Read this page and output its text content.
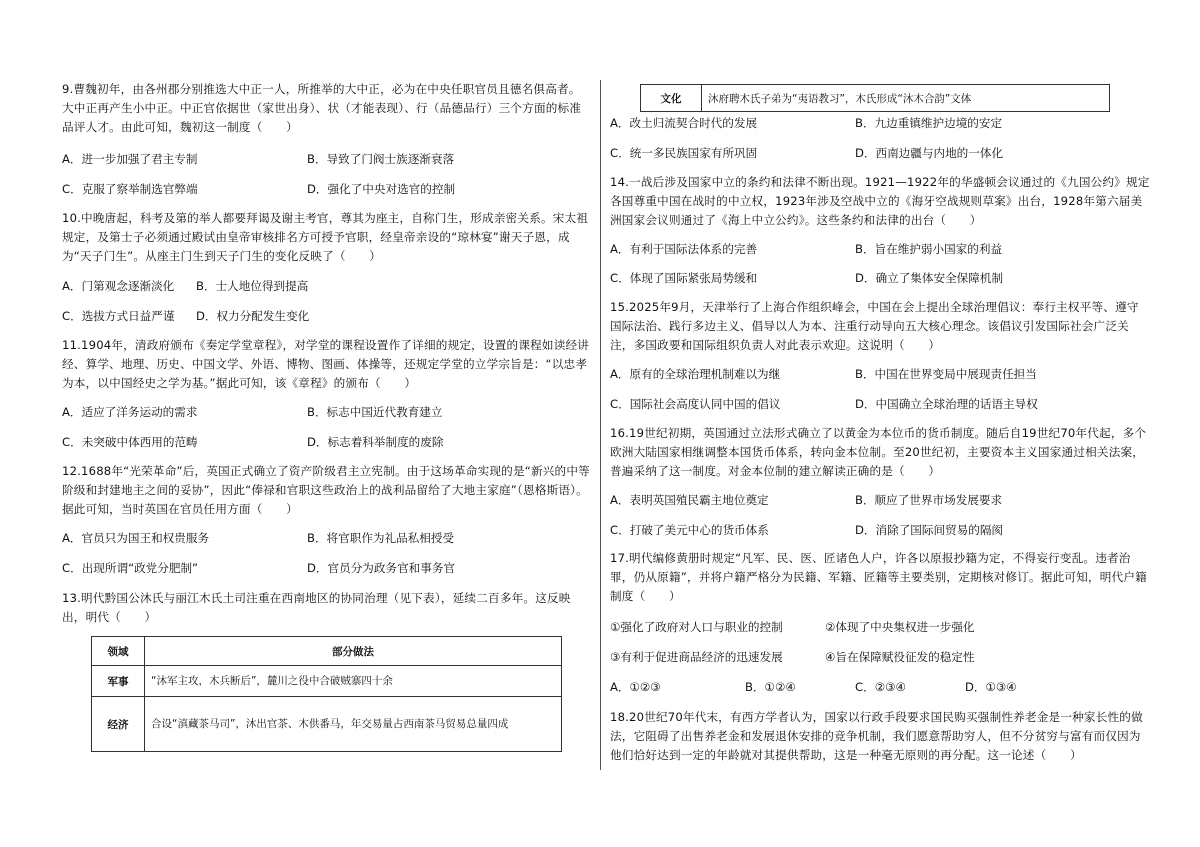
9.曹魏初年，由各州郡分别推选大中正一人，所推举的大中正，必为在中央任职官员且德名俱高者。大中正再产生小中正。中正官依据世（家世出身）、状（才能表现）、行（品德品行）三个方面的标准品评人才。由此可知，魏初这一制度（　　）
A．进一步加强了君主专制	B．导致了门阀士族逐渐衰落
C．克服了察举制选官弊端	D．强化了中央对选官的控制
10.中晚唐起，科考及第的举人都要拜谒及谢主考官，尊其为座主，自称门生，形成亲密关系。宋太祖规定，及第士子必须通过殿试由皇帝审核排名方可授予官职，经皇帝亲设的“琼林宴”谢天子恩，成为“天子门生”。从座主门生到天子门生的变化反映了（　　）
A．门第观念逐渐淡化 B．士人地位得到提高
C．选拔方式日益严谨 D．权力分配发生变化
11.1904年，清政府颁布《奏定学堂章程》，对学堂的课程设置作了详细的规定，设置的课程如读经讲经、算学、地理、历史、中国文学、外语、博物、图画、体操等，还规定学堂的立学宗旨是：“以忠孝为本，以中国经史之学为基。”据此可知，该《章程》的颁布（　　）
A．适应了洋务运动的需求	B．标志中国近代教育建立
C．未突破中体西用的范畴	D．标志着科举制度的废除
12.1688年“光荣革命”后，英国正式确立了资产阶级君主立宪制。由于这场革命实现的是“新兴的中等阶级和封建地主之间的妥协”，因此“俸禄和官职这些政治上的战利品留给了大地主家庭”（恩格斯语）。据此可知，当时英国在官员任用方面（　　）
A．官员只为国王和权贵服务	B．将官职作为礼品私相授受
C．出现所谓“政党分肥制”	D．官员分为政务官和事务官
13.明代黔国公沐氏与丽江木氏土司注重在西南地区的协同治理（见下表），延续二百多年。这反映出，明代（　　）
领域	部分做法
军事	“沐军主攻，木兵断后”，麓川之役中合破贼寨四十余
经济	合设“滇藏茶马司”，沐出官茶、木供番马，年交易量占西南茶马贸易总量四成
文化	沐府聘木氏子弟为“夷语教习”，木氏形成“沐木合韵”文体
A．改土归流契合时代的发展	B．九边重镇维护边境的安定
C．统一多民族国家有所巩固	D．西南边疆与内地的一体化
14.一战后涉及国家中立的条约和法律不断出现。1921—1922年的华盛顿会议通过的《九国公约》规定各国尊重中国在战时的中立权，1923年涉及空战中立的《海牙空战规则草案》出台，1928年第六届美洲国家会议则通过了《海上中立公约》。这些条约和法律的出台（　　）
A．有利于国际法体系的完善	B．旨在维护弱小国家的利益
C．体现了国际紧张局势缓和	D．确立了集体安全保障机制
15.2025年9月，天津举行了上海合作组织峰会，中国在会上提出全球治理倡议：奉行主权平等、遵守国际法治、践行多边主义、倡导以人为本、注重行动导向五大核心理念。该倡议引发国际社会广泛关注，多国政要和国际组织负责人对此表示欢迎。这说明（　　）
A．原有的全球治理机制难以为继	B．中国在世界变局中展现责任担当
C．国际社会高度认同中国的倡议	D．中国确立全球治理的话语主导权
16.19世纪初期，英国通过立法形式确立了以黄金为本位币的货币制度。随后自19世纪70年代起，多个欧洲大陆国家相继调整本国货币体系，转向金本位制。至20世纪初，主要资本主义国家通过相关法案，普遍采纳了这一制度。对金本位制的建立解读正确的是（　　）
A．表明英国殖民霸主地位奠定	B．顺应了世界市场发展要求
C．打破了美元中心的货币体系	D．消除了国际间贸易的隔阂
17.明代编修黄册时规定“凡军、民、医、匠诸色人户，许各以原报抄籍为定，不得妄行变乱。违者治罪，仍从原籍”，并将户籍严格分为民籍、军籍、匠籍等主要类别，定期核对修订。据此可知，明代户籍制度（　　）
①强化了政府对人口与职业的控制	②体现了中央集权进一步强化
③有利于促进商品经济的迅速发展	④旨在保障赋役征发的稳定性
A．①②③	B．①②④	C．②③④	D．①③④
18.20世纪70年代末，有西方学者认为，国家以行政手段要求国民购买强制性养老金是一种家长性的做法，它阻碍了出售养老金和发展退休安排的竞争机制，我们愿意帮助穷人，但不分贫穷与富有而仅因为他们恰好达到一定的年龄就对其提供帮助，这是一种毫无原则的再分配。这一论述（　　）
